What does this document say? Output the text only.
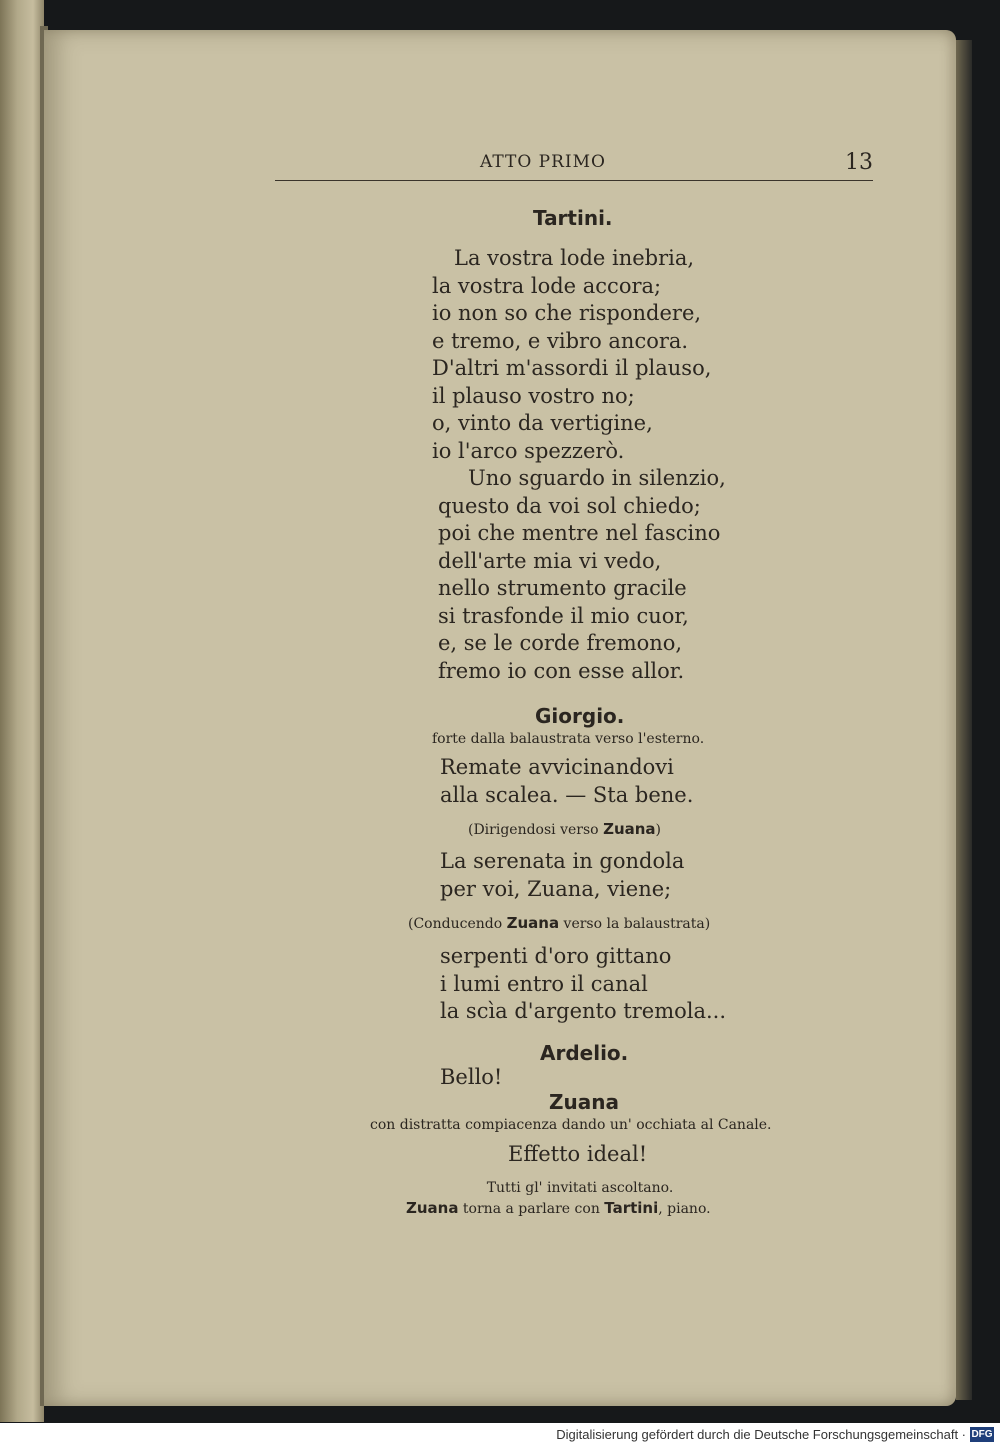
ATTO PRIMO	13
Tartini.
La vostra lode inebria,
la vostra lode accora;
io non so che rispondere,
e tremo, e vibro ancora.
D'altri m'assordi il plauso,
il plauso vostro no;
o, vinto da vertigine,
io l'arco spezzerò.
Uno sguardo in silenzio,
questo da voi sol chiedo;
poi che mentre nel fascino
dell'arte mia vi vedo,
nello strumento gracile
si trasfonde il mio cuor,
e, se le corde fremono,
fremo io con esse allor.
Giorgio.
forte dalla balaustrata verso l'esterno.
Remate avvicinandovi
alla scalea. — Sta bene.
(Dirigendosi verso Zuana)
La serenata in gondola
per voi, Zuana, viene;
(Conducendo Zuana verso la balaustrata)
serpenti d'oro gittano
i lumi entro il canal
la scìa d'argento tremola...
Ardelio.
Bello!
Zuana
con distratta compiacenza dando un' occhiata al Canale.
Effetto ideal!
Tutti gl' invitati ascoltano.
Zuana torna a parlare con Tartini, piano.
Digitalisierung gefördert durch die Deutsche Forschungsgemeinschaft · DFG
